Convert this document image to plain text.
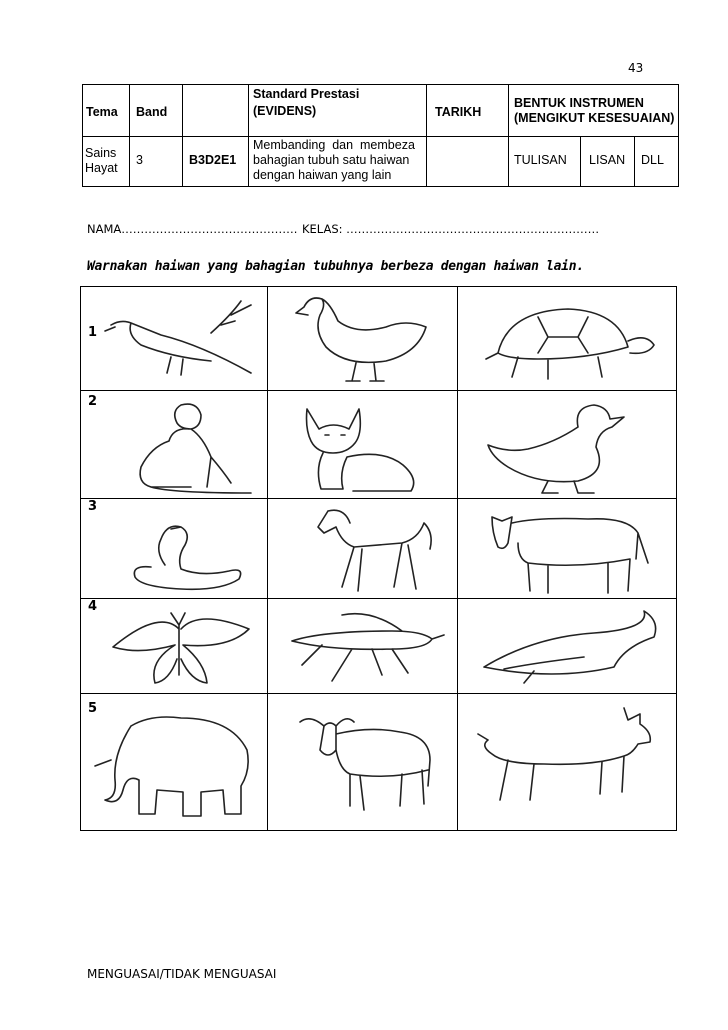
43
Tema Band
Standard Prestasi
(EVIDENS)	TARIKH
BENTUK INSTRUMEN
(MENGIKUT KESESUAIAN)
Sains
Hayat
3	B3D2E1
Membanding  dan  membeza
bahagian tubuh satu haiwan
dengan haiwan yang lain
TULISAN LISAN DLL
NAMA………………………………………. KELAS: …………………………………………………………
Warnakan haiwan yang bahagian tubuhnya berbeza dengan haiwan lain.
1
2
3
4
5
MENGUASAI/TIDAK MENGUASAI
